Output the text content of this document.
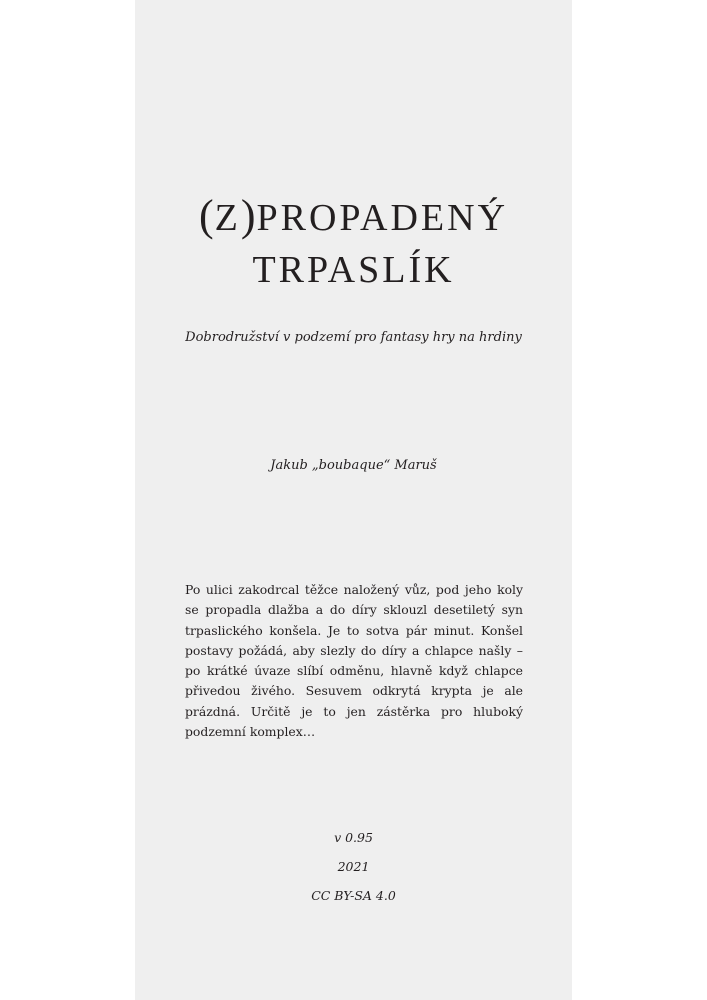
(Z)PROPADENÝ
TRPASLÍK

Dobrodružství v podzemí pro fantasy hry na hrdiny

Jakub „boubaque“ Maruš

Po ulici zakodrcal těžce naložený vůz, pod jeho koly se propadla dlažba a do díry sklouzl desetiletý syn trpaslického konšela. Je to sotva pár minut. Konšel postavy požádá, aby slezly do díry a chlapce našly – po krátké úvaze slíbí odměnu, hlavně když chlapce přivedou živého. Sesuvem odkrytá krypta je ale prázdná. Určitě je to jen zástěrka pro hluboký podzemní komplex…

v 0.95
2021
CC BY-SA 4.0
